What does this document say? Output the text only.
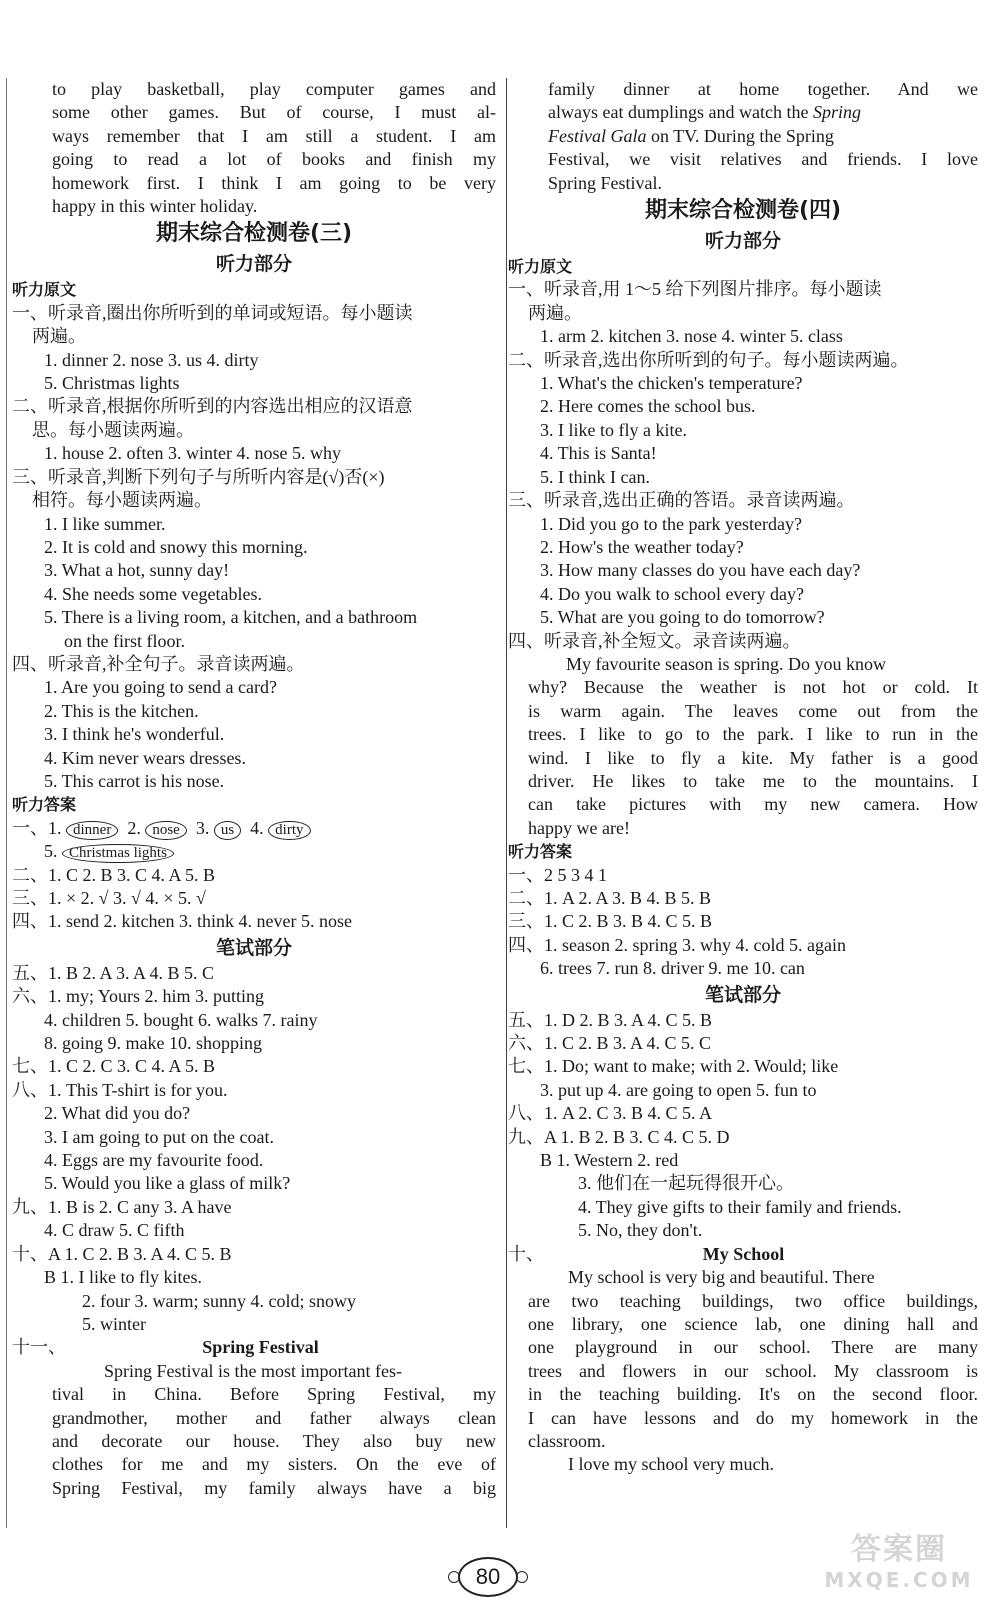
to play basketball, play computer games and
some other games. But of course, I must al-
ways remember that I am still a student. I am
going to read a lot of books and finish my
homework first. I think I am going to be very
happy in this winter holiday.
期末综合检测卷(三)
听力部分
听力原文
一、听录音,圈出你所听到的单词或短语。每小题读
两遍。
1. dinner 2. nose 3. us 4. dirty
5. Christmas lights
二、听录音,根据你所听到的内容选出相应的汉语意
思。每小题读两遍。
1. house 2. often 3. winter 4. nose 5. why
三、听录音,判断下列句子与所听内容是(√)否(×)
相符。每小题读两遍。
1. I like summer.
2. It is cold and snowy this morning.
3. What a hot, sunny day!
4. She needs some vegetables.
5. There is a living room, a kitchen, and a bathroom
on the first floor.
四、听录音,补全句子。录音读两遍。
1. Are you going to send a card?
2. This is the kitchen.
3. I think he's wonderful.
4. Kim never wears dresses.
5. This carrot is his nose.
听力答案
一、1. dinner 2. nose 3. us 4. dirty
5. Christmas lights
二、1. C 2. B 3. C 4. A 5. B
三、1. × 2. √ 3. √ 4. × 5. √
四、1. send 2. kitchen 3. think 4. never 5. nose
笔试部分
五、1. B 2. A 3. A 4. B 5. C
六、1. my; Yours 2. him 3. putting
4. children 5. bought 6. walks 7. rainy
8. going 9. make 10. shopping
七、1. C 2. C 3. C 4. A 5. B
八、1. This T-shirt is for you.
2. What did you do?
3. I am going to put on the coat.
4. Eggs are my favourite food.
5. Would you like a glass of milk?
九、1. B is 2. C any 3. A have
4. C draw 5. C fifth
十、A 1. C 2. B 3. A 4. C 5. B
B 1. I like to fly kites.
2. four 3. warm; sunny 4. cold; snowy
5. winter
十一、	Spring Festival
Spring Festival is the most important fes-
tival in China. Before Spring Festival, my
grandmother, mother and father always clean
and decorate our house. They also buy new
clothes for me and my sisters. On the eve of
Spring Festival, my family always have a big
family dinner at home together. And we
always eat dumplings and watch the Spring
Festival Gala on TV. During the Spring
Festival, we visit relatives and friends. I love
Spring Festival.
期末综合检测卷(四)
听力部分
听力原文
一、听录音,用 1～5 给下列图片排序。每小题读
两遍。
1. arm 2. kitchen 3. nose 4. winter 5. class
二、听录音,选出你所听到的句子。每小题读两遍。
1. What's the chicken's temperature?
2. Here comes the school bus.
3. I like to fly a kite.
4. This is Santa!
5. I think I can.
三、听录音,选出正确的答语。录音读两遍。
1. Did you go to the park yesterday?
2. How's the weather today?
3. How many classes do you have each day?
4. Do you walk to school every day?
5. What are you going to do tomorrow?
四、听录音,补全短文。录音读两遍。
My favourite season is spring. Do you know
why? Because the weather is not hot or cold. It
is warm again. The leaves come out from the
trees. I like to go to the park. I like to run in the
wind. I like to fly a kite. My father is a good
driver. He likes to take me to the mountains. I
can take pictures with my new camera. How
happy we are!
听力答案
一、2 5 3 4 1
二、1. A 2. A 3. B 4. B 5. B
三、1. C 2. B 3. B 4. C 5. B
四、1. season 2. spring 3. why 4. cold 5. again
6. trees 7. run 8. driver 9. me 10. can
笔试部分
五、1. D 2. B 3. A 4. C 5. B
六、1. C 2. B 3. A 4. C 5. C
七、1. Do; want to make; with 2. Would; like
3. put up 4. are going to open 5. fun to
八、1. A 2. C 3. B 4. C 5. A
九、A 1. B 2. B 3. C 4. C 5. D
B 1. Western 2. red
3. 他们在一起玩得很开心。
4. They give gifts to their family and friends.
5. No, they don't.
十、	My School
My school is very big and beautiful. There
are two teaching buildings, two office buildings,
one library, one science lab, one dining hall and
one playground in our school. There are many
trees and flowers in our school. My classroom is
in the teaching building. It's on the second floor.
I can have lessons and do my homework in the
classroom.
I love my school very much.
80
答案圈
MXQE.COM
